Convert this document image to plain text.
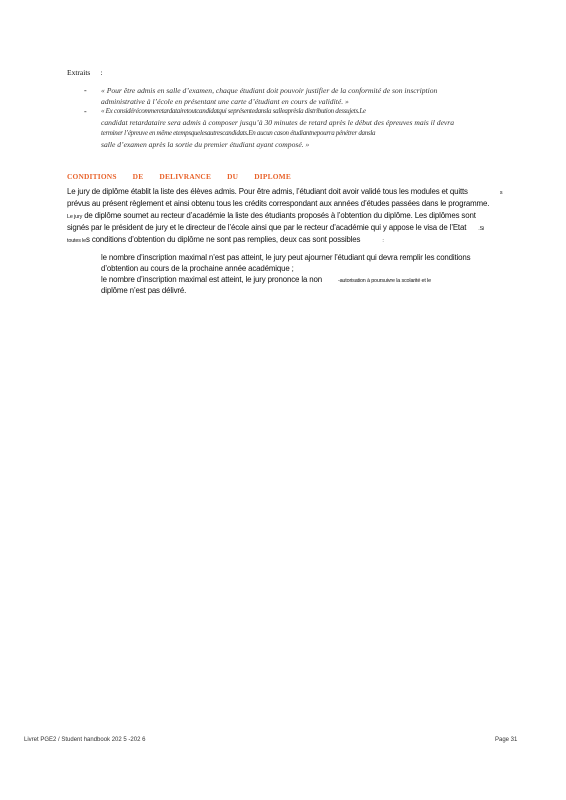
Extraits :
- « Pour être admis en salle d’examen, chaque étudiant doit pouvoir justifier de la conformité de son inscription
administrative à l’école en présentant une carte d’étudiant en cours de validité. »
- « Ex considérécommeretardatairetoutcandidatqui seprésentedansla salleaprèsla distribution dessujets.Le
candidat retardataire sera admis à composer jusqu’à 30 minutes de retard après le début des épreuves mais il devra
terminer l’épreuve en même etempsquelesautrescandidats.En aucun cason étudiantnepourra pénétrer dansla
salle d’examen après la sortie du premier étudiant ayant composé. »
CONDITIONS DE DELIVRANCE DU DIPLOME
Le jury de diplôme établit la liste des élèves admis. Pour être admis, l’étudiant doit avoir validé tous les modules et quitts	s
prévus au présent règlement et ainsi obtenu tous les crédits correspondant aux années d’études passées dans le programme.
Le jury de diplôme soumet au recteur d’académie la liste des étudiants proposés à l’obtention du diplôme. Les diplômes sont
signés par le président de jury et le directeur de l’école ainsi que par le recteur d’académie qui y appose le visa de l’Etat .Si
toutes les conditions d’obtention du diplôme ne sont pas remplies, deux cas sont possibles	:
le nombre d’inscription maximal n’est pas atteint, le jury peut ajourner l’étudiant qui devra remplir les conditions
d’obtention au cours de la prochaine année académique ;
le nombre d’inscription maximal est atteint, le jury prononce la non	-autorisation à poursuivre la scolarité et le
diplôme n’est pas délivré.
Livret PGE2 / Student handbook 202 5 -202 6	Page 31
